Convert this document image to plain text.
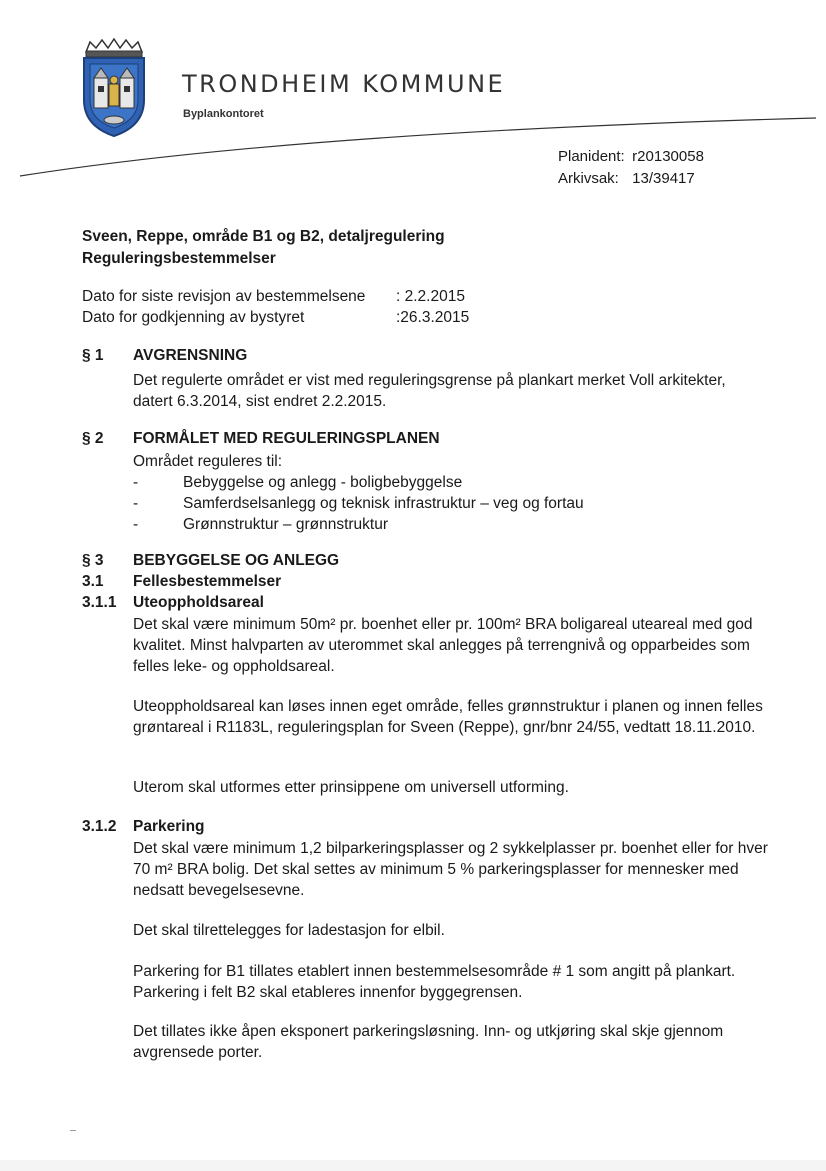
TRONDHEIM KOMMUNE
Byplankontoret
Planident: r20130058
Arkivsak: 13/39417
Sveen, Reppe, område B1 og B2, detaljregulering
Reguleringsbestemmelser
Dato for siste revisjon av bestemmelsene : 2.2.2015
Dato for godkjenning av bystyret	:26.3.2015
§ 1 AVGRENSNING
Det regulerte området er vist med reguleringsgrense på plankart merket Voll arkitekter, datert 6.3.2014, sist endret 2.2.2015.
§ 2 FORMÅLET MED REGULERINGSPLANEN
Området reguleres til:
-	Bebyggelse og anlegg - boligbebyggelse
-	Samferdselsanlegg og teknisk infrastruktur – veg og fortau
-	Grønnstruktur – grønnstruktur
§ 3 BEBYGGELSE OG ANLEGG
3.1 Fellesbestemmelser
3.1.1 Uteoppholdsareal
Det skal være minimum 50m² pr. boenhet eller pr. 100m² BRA boligareal uteareal med god kvalitet. Minst halvparten av uterommet skal anlegges på terrengnivå og opparbeides som felles leke- og oppholdsareal.
Uteoppholdsareal kan løses innen eget område, felles grønnstruktur i planen og innen felles grøntareal i R1183L, reguleringsplan for Sveen (Reppe), gnr/bnr 24/55, vedtatt 18.11.2010.
Uterom skal utformes etter prinsippene om universell utforming.
3.1.2 Parkering
Det skal være minimum 1,2 bilparkeringsplasser og 2 sykkelplasser pr. boenhet eller for hver 70 m² BRA bolig. Det skal settes av minimum 5 % parkeringsplasser for mennesker med nedsatt bevegelsesevne.
Det skal tilrettelegges for ladestasjon for elbil.
Parkering for B1 tillates etablert innen bestemmelsesområde # 1 som angitt på plankart. Parkering i felt B2 skal etableres innenfor byggegrensen.
Det tillates ikke åpen eksponert parkeringsløsning. Inn- og utkjøring skal skje gjennom avgrensede porter.
